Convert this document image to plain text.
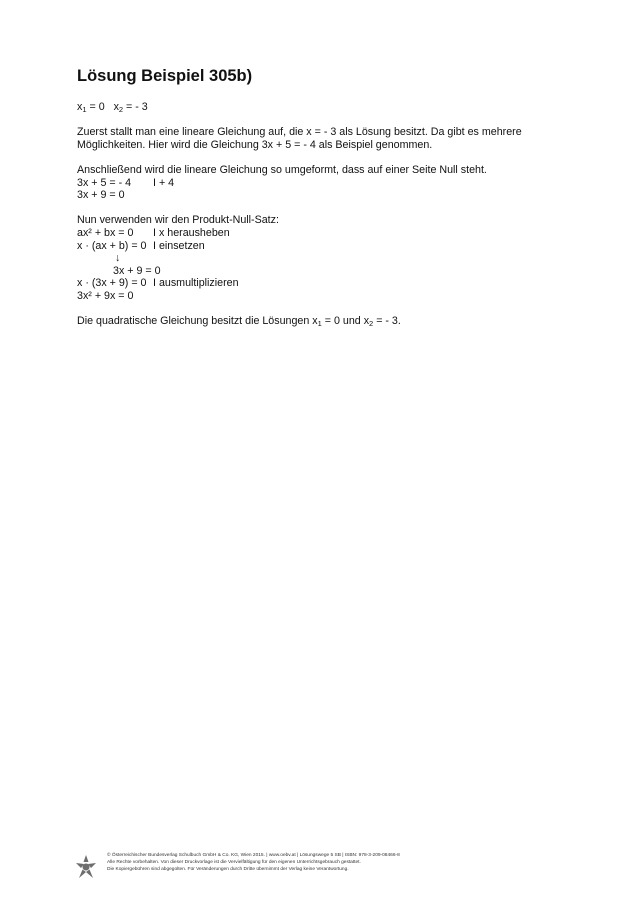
Lösung Beispiel 305b)
$x_1 = 0$   $x_2$ = - 3
Zuerst stallt man eine lineare Gleichung auf, die x = - 3 als Lösung besitzt. Da gibt es mehrere
Möglichkeiten. Hier wird die Gleichung 3x + 5 = - 4 als Beispiel genommen.
Anschließend wird die lineare Gleichung so umgeformt, dass auf einer Seite Null steht.
3x + 5 = - 4 I + 4
3x + 9 = 0
Nun verwenden wir den Produkt-Null-Satz:
ax² + bx = 0 I x herausheben
x · (ax + b) = 0 I einsetzen
↓
3x + 9 = 0
x · (3x + 9) = 0 I ausmultiplizieren
3x² + 9x = 0
Die quadratische Gleichung besitzt die Lösungen $x_1 = 0$ und $x_2$ = - 3.
© Österreichischer Bundesverlag Schulbuch GmbH & Co. KG, Wien 2015. | www.oebv.at | Lösungswege 5 SB | ISBN: 978-3-209-08466-8
Alle Rechte vorbehalten. Von dieser Druckvorlage ist die Vervielfältigung für den eigenen Unterrichtsgebrauch gestattet.
Die Kopiergebühren sind abgegolten. Für Veränderungen durch Dritte übernimmt der Verlag keine Verantwortung.
